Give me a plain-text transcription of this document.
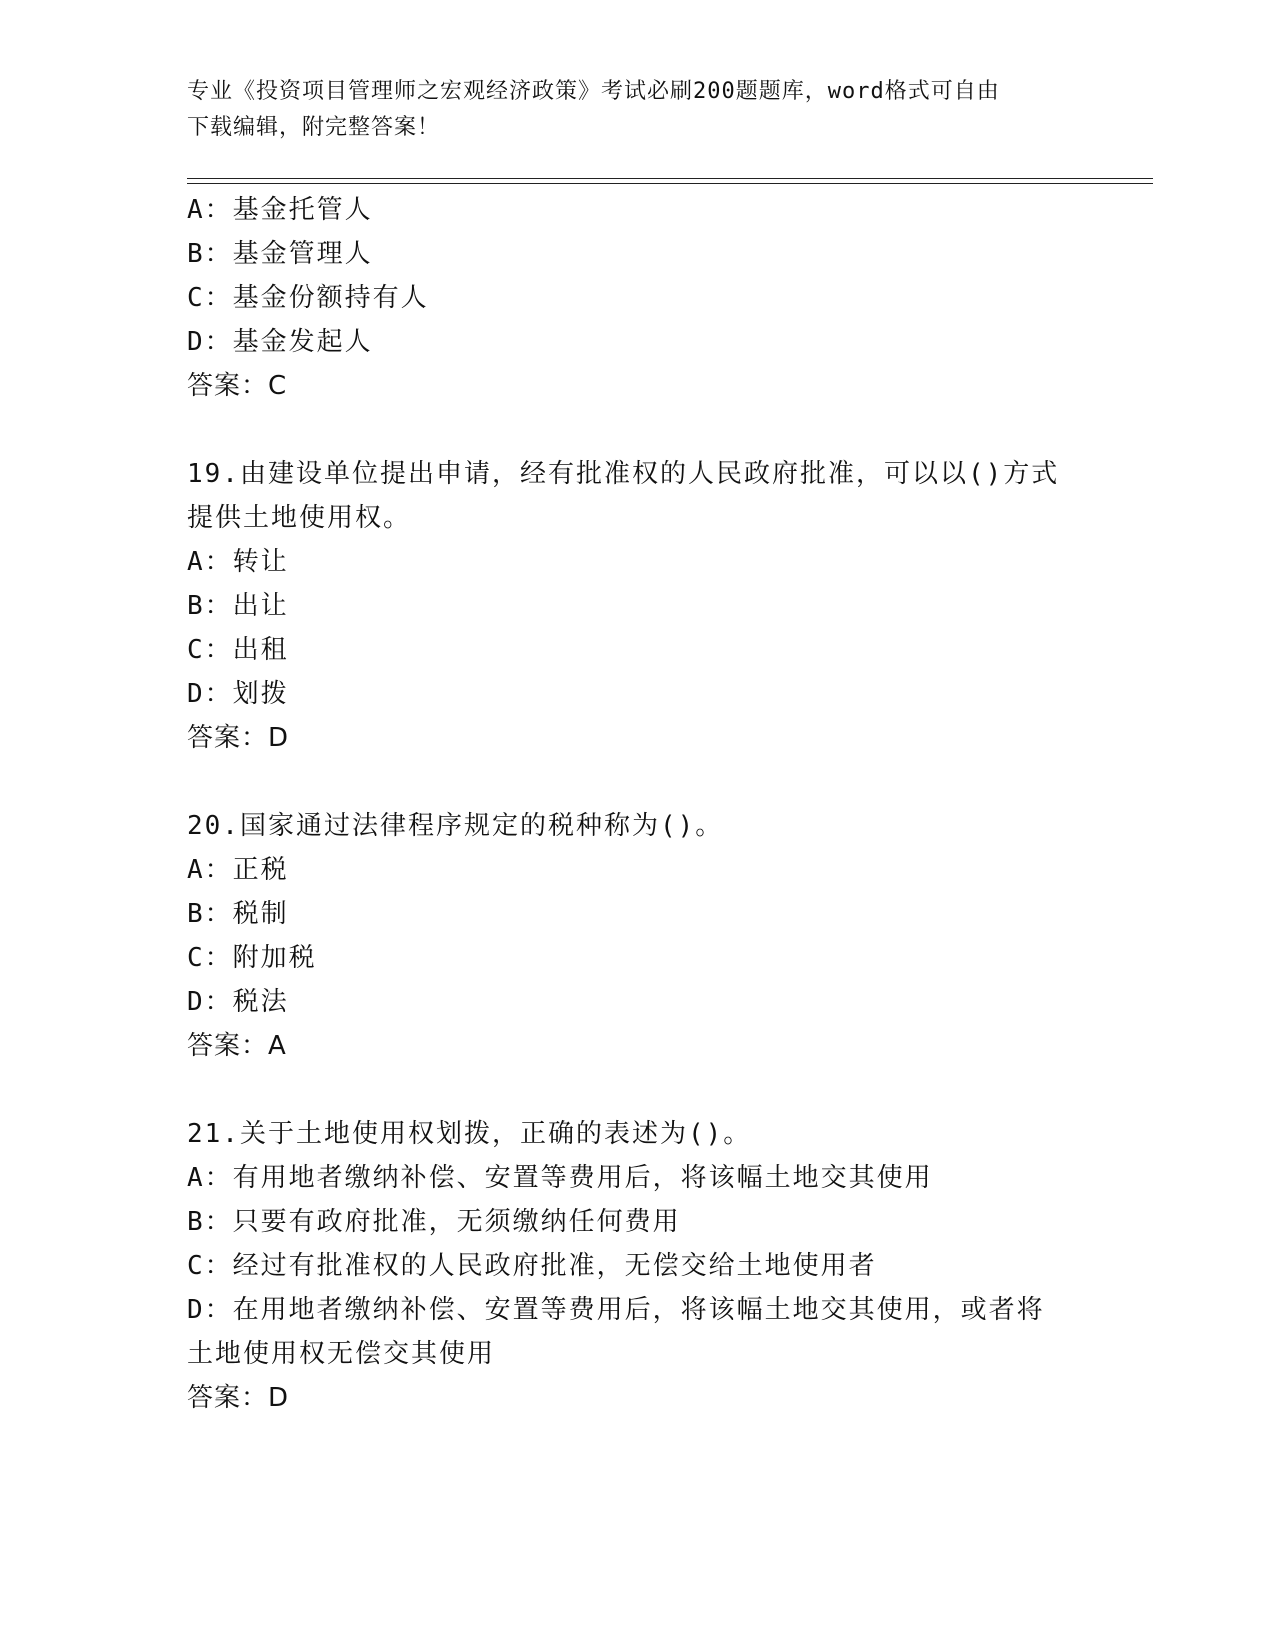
专业《投资项目管理师之宏观经济政策》考试必刷200题题库，word格式可自由
下载编辑，附完整答案！
A：基金托管人
B：基金管理人
C：基金份额持有人
D：基金发起人
答案：C
19.由建设单位提出申请，经有批准权的人民政府批准，可以以()方式
提供土地使用权。
A：转让
B：出让
C：出租
D：划拨
答案：D
20.国家通过法律程序规定的税种称为()。
A：正税
B：税制
C：附加税
D：税法
答案：A
21.关于土地使用权划拨，正确的表述为()。
A：有用地者缴纳补偿、安置等费用后，将该幅土地交其使用
B：只要有政府批准，无须缴纳任何费用
C：经过有批准权的人民政府批准，无偿交给土地使用者
D：在用地者缴纳补偿、安置等费用后，将该幅土地交其使用，或者将
土地使用权无偿交其使用
答案：D
